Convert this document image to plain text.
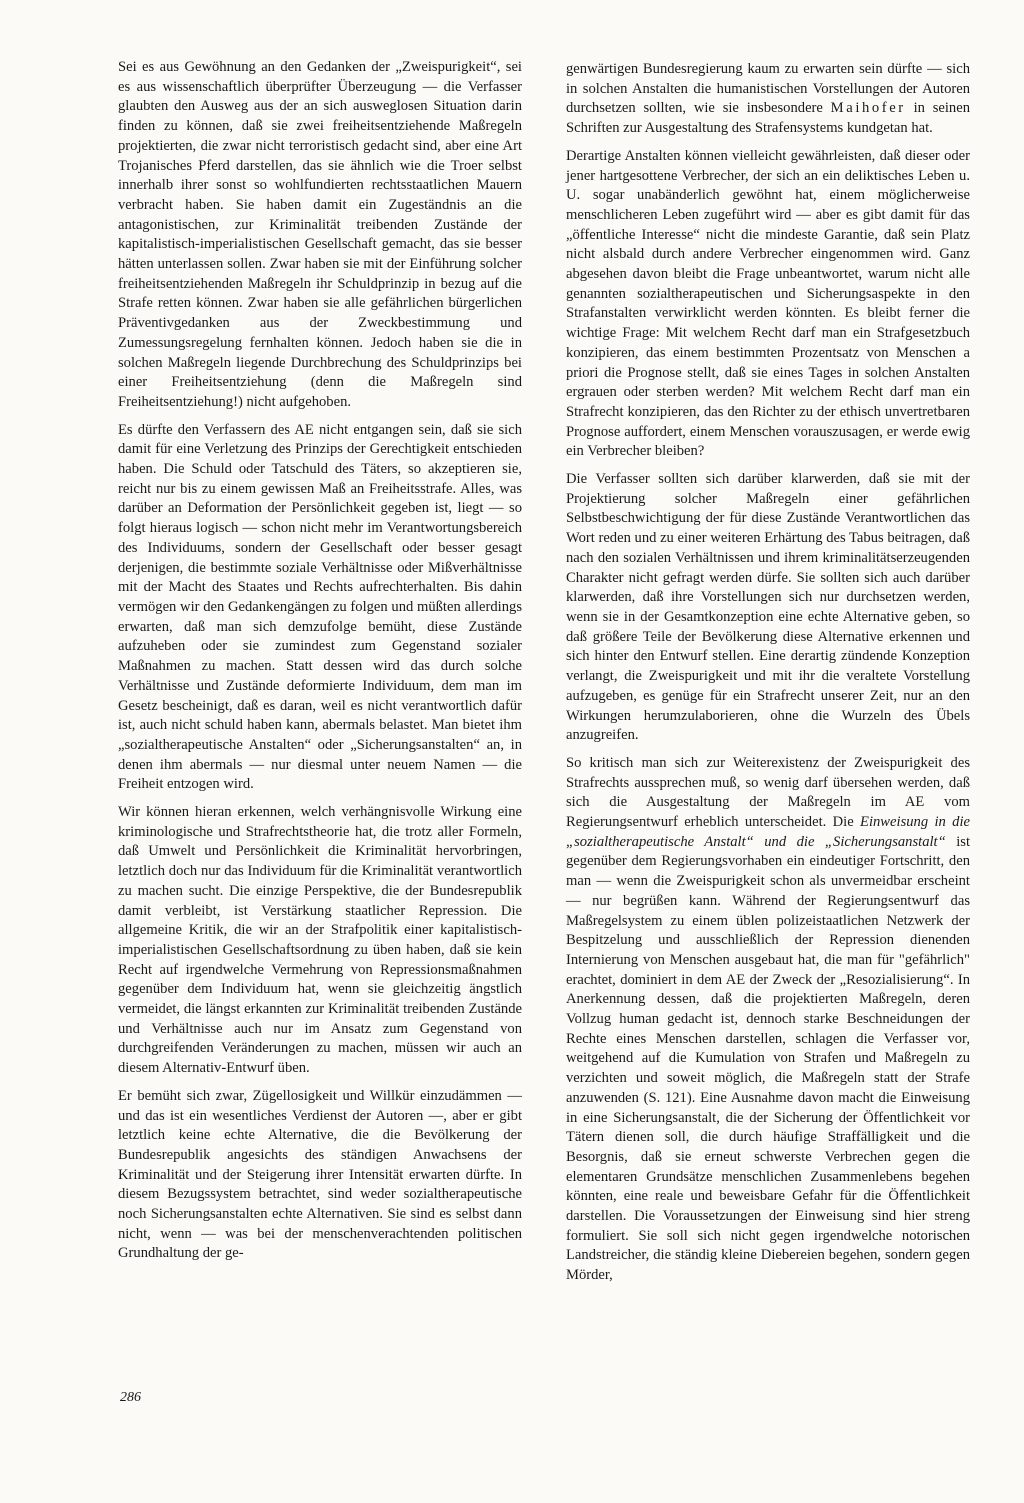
Sei es aus Gewöhnung an den Gedanken der „Zweispurigkeit“, sei es aus wissenschaftlich überprüfter Überzeugung — die Verfasser glaubten den Ausweg aus der an sich ausweglosen Situation darin finden zu können, daß sie zwei freiheitsentziehende Maßregeln projektierten, die zwar nicht terroristisch gedacht sind, aber eine Art Trojanisches Pferd darstellen, das sie ähnlich wie die Troer selbst innerhalb ihrer sonst so wohlfundierten rechtsstaatlichen Mauern verbracht haben. Sie haben damit ein Zugeständnis an die antagonistischen, zur Kriminalität treibenden Zustände der kapitalistisch-imperialistischen Gesellschaft gemacht, das sie besser hätten unterlassen sollen. Zwar haben sie mit der Einführung solcher freiheitsentziehenden Maßregeln ihr Schuldprinzip in bezug auf die Strafe retten können. Zwar haben sie alle gefährlichen bürgerlichen Präventivgedanken aus der Zweckbestimmung und Zumessungsregelung fernhalten können. Jedoch haben sie die in solchen Maßregeln liegende Durchbrechung des Schuldprinzips bei einer Freiheitsentziehung (denn die Maßregeln sind Freiheitsentziehung!) nicht aufgehoben.

Es dürfte den Verfassern des AE nicht entgangen sein, daß sie sich damit für eine Verletzung des Prinzips der Gerechtigkeit entschieden haben. Die Schuld oder Tatschuld des Täters, so akzeptieren sie, reicht nur bis zu einem gewissen Maß an Freiheitsstrafe. Alles, was darüber an Deformation der Persönlichkeit gegeben ist, liegt — so folgt hieraus logisch — schon nicht mehr im Verantwortungsbereich des Individuums, sondern der Gesellschaft oder besser gesagt derjenigen, die bestimmte soziale Verhältnisse oder Mißverhältnisse mit der Macht des Staates und Rechts aufrechterhalten. Bis dahin vermögen wir den Gedankengängen zu folgen und müßten allerdings erwarten, daß man sich demzufolge bemüht, diese Zustände aufzuheben oder sie zumindest zum Gegenstand sozialer Maßnahmen zu machen. Statt dessen wird das durch solche Verhältnisse und Zustände deformierte Individuum, dem man im Gesetz bescheinigt, daß es daran, weil es nicht verantwortlich dafür ist, auch nicht schuld haben kann, abermals belastet. Man bietet ihm „sozialtherapeutische Anstalten“ oder „Sicherungsanstalten“ an, in denen ihm abermals — nur diesmal unter neuem Namen — die Freiheit entzogen wird.

Wir können hieran erkennen, welch verhängnisvolle Wirkung eine kriminologische und Strafrechtstheorie hat, die trotz aller Formeln, daß Umwelt und Persönlichkeit die Kriminalität hervorbringen, letztlich doch nur das Individuum für die Kriminalität verantwortlich zu machen sucht. Die einzige Perspektive, die der Bundesrepublik damit verbleibt, ist Verstärkung staatlicher Repression. Die allgemeine Kritik, die wir an der Strafpolitik einer kapitalistisch-imperialistischen Gesellschaftsordnung zu üben haben, daß sie kein Recht auf irgendwelche Vermehrung von Repressionsmaßnahmen gegenüber dem Individuum hat, wenn sie gleichzeitig ängstlich vermeidet, die längst erkannten zur Kriminalität treibenden Zustände und Verhältnisse auch nur im Ansatz zum Gegenstand von durchgreifenden Veränderungen zu machen, müssen wir auch an diesem Alternativ-Entwurf üben.

Er bemüht sich zwar, Zügellosigkeit und Willkür einzudämmen — und das ist ein wesentliches Verdienst der Autoren —, aber er gibt letztlich keine echte Alternative, die die Bevölkerung der Bundesrepublik angesichts des ständigen Anwachsens der Kriminalität und der Steigerung ihrer Intensität erwarten dürfte. In diesem Bezugssystem betrachtet, sind weder sozialtherapeutische noch Sicherungsanstalten echte Alternativen. Sie sind es selbst dann nicht, wenn — was bei der menschenverachtenden politischen Grundhaltung der ge-

genwärtigen Bundesregierung kaum zu erwarten sein dürfte — sich in solchen Anstalten die humanistischen Vorstellungen der Autoren durchsetzen sollten, wie sie insbesondere Maihofer in seinen Schriften zur Ausgestaltung des Strafensystems kundgetan hat.

Derartige Anstalten können vielleicht gewährleisten, daß dieser oder jener hartgesottene Verbrecher, der sich an ein deliktisches Leben u. U. sogar unabänderlich gewöhnt hat, einem möglicherweise menschlicheren Leben zugeführt wird — aber es gibt damit für das „öffentliche Interesse“ nicht die mindeste Garantie, daß sein Platz nicht alsbald durch andere Verbrecher eingenommen wird. Ganz abgesehen davon bleibt die Frage unbeantwortet, warum nicht alle genannten sozialtherapeutischen und Sicherungsaspekte in den Strafanstalten verwirklicht werden könnten. Es bleibt ferner die wichtige Frage: Mit welchem Recht darf man ein Strafgesetzbuch konzipieren, das einem bestimmten Prozentsatz von Menschen a priori die Prognose stellt, daß sie eines Tages in solchen Anstalten ergrauen oder sterben werden? Mit welchem Recht darf man ein Strafrecht konzipieren, das den Richter zu der ethisch unvertretbaren Prognose auffordert, einem Menschen vorauszusagen, er werde ewig ein Verbrecher bleiben?

Die Verfasser sollten sich darüber klarwerden, daß sie mit der Projektierung solcher Maßregeln einer gefährlichen Selbstbeschwichtigung der für diese Zustände Verantwortlichen das Wort reden und zu einer weiteren Erhärtung des Tabus beitragen, daß nach den sozialen Verhältnissen und ihrem kriminalitätserzeugenden Charakter nicht gefragt werden dürfe. Sie sollten sich auch darüber klarwerden, daß ihre Vorstellungen sich nur durchsetzen werden, wenn sie in der Gesamtkonzeption eine echte Alternative geben, so daß größere Teile der Bevölkerung diese Alternative erkennen und sich hinter den Entwurf stellen. Eine derartig zündende Konzeption verlangt, die Zweispurigkeit und mit ihr die veraltete Vorstellung aufzugeben, es genüge für ein Strafrecht unserer Zeit, nur an den Wirkungen herumzulaborieren, ohne die Wurzeln des Übels anzugreifen.

So kritisch man sich zur Weiterexistenz der Zweispurigkeit des Strafrechts aussprechen muß, so wenig darf übersehen werden, daß sich die Ausgestaltung der Maßregeln im AE vom Regierungsentwurf erheblich unterscheidet. Die Einweisung in die „sozialtherapeutische Anstalt“ und die „Sicherungsanstalt“ ist gegenüber dem Regierungsvorhaben ein eindeutiger Fortschritt, den man — wenn die Zweispurigkeit schon als unvermeidbar erscheint— nur begrüßen kann. Während der Regierungsentwurf das Maßregelsystem zu einem üblen polizeistaatlichen Netzwerk der Bespitzelung und ausschließlich der Repression dienenden Internierung von Menschen ausgebaut hat, die man für "gefährlich" erachtet, dominiert in dem AE der Zweck der „Resozialisierung“. In Anerkennung dessen, daß die projektierten Maßregeln, deren Vollzug human gedacht ist, dennoch starke Beschneidungen der Rechte eines Menschen darstellen, schlagen die Verfasser vor, weitgehend auf die Kumulation von Strafen und Maßregeln zu verzichten und soweit möglich, die Maßregeln statt der Strafe anzuwenden (S. 121). Eine Ausnahme davon macht die Einweisung in eine Sicherungsanstalt, die der Sicherung der Öffentlichkeit vor Tätern dienen soll, die durch häufige Straffälligkeit und die Besorgnis, daß sie erneut schwerste Verbrechen gegen die elementaren Grundsätze menschlichen Zusammenlebens begehen könnten, eine reale und beweisbare Gefahr für die Öffentlichkeit darstellen. Die Voraussetzungen der Einweisung sind hier streng formuliert. Sie soll sich nicht gegen irgendwelche notorischen Landstreicher, die ständig kleine Diebereien begehen, sondern gegen Mörder,

286
